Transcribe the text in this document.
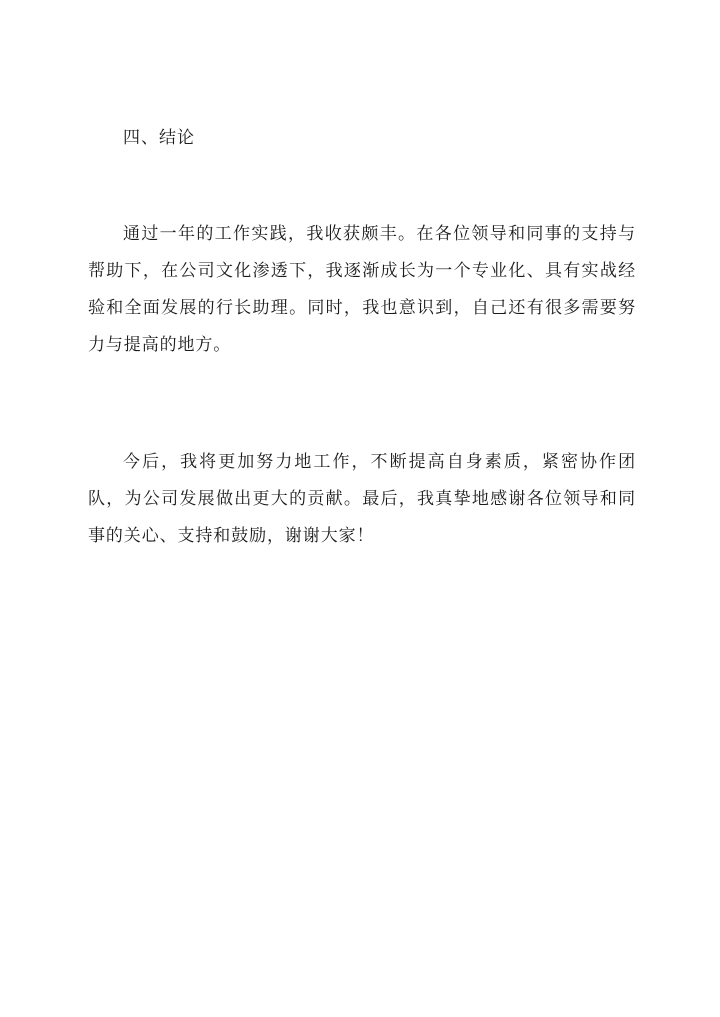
四、结论

通过一年的工作实践，我收获颇丰。在各位领导和同事的支持与帮助下，在公司文化渗透下，我逐渐成长为一个专业化、具有实战经验和全面发展的行长助理。同时，我也意识到，自己还有很多需要努力与提高的地方。

今后，我将更加努力地工作，不断提高自身素质，紧密协作团队，为公司发展做出更大的贡献。最后，我真挚地感谢各位领导和同事的关心、支持和鼓励，谢谢大家！
